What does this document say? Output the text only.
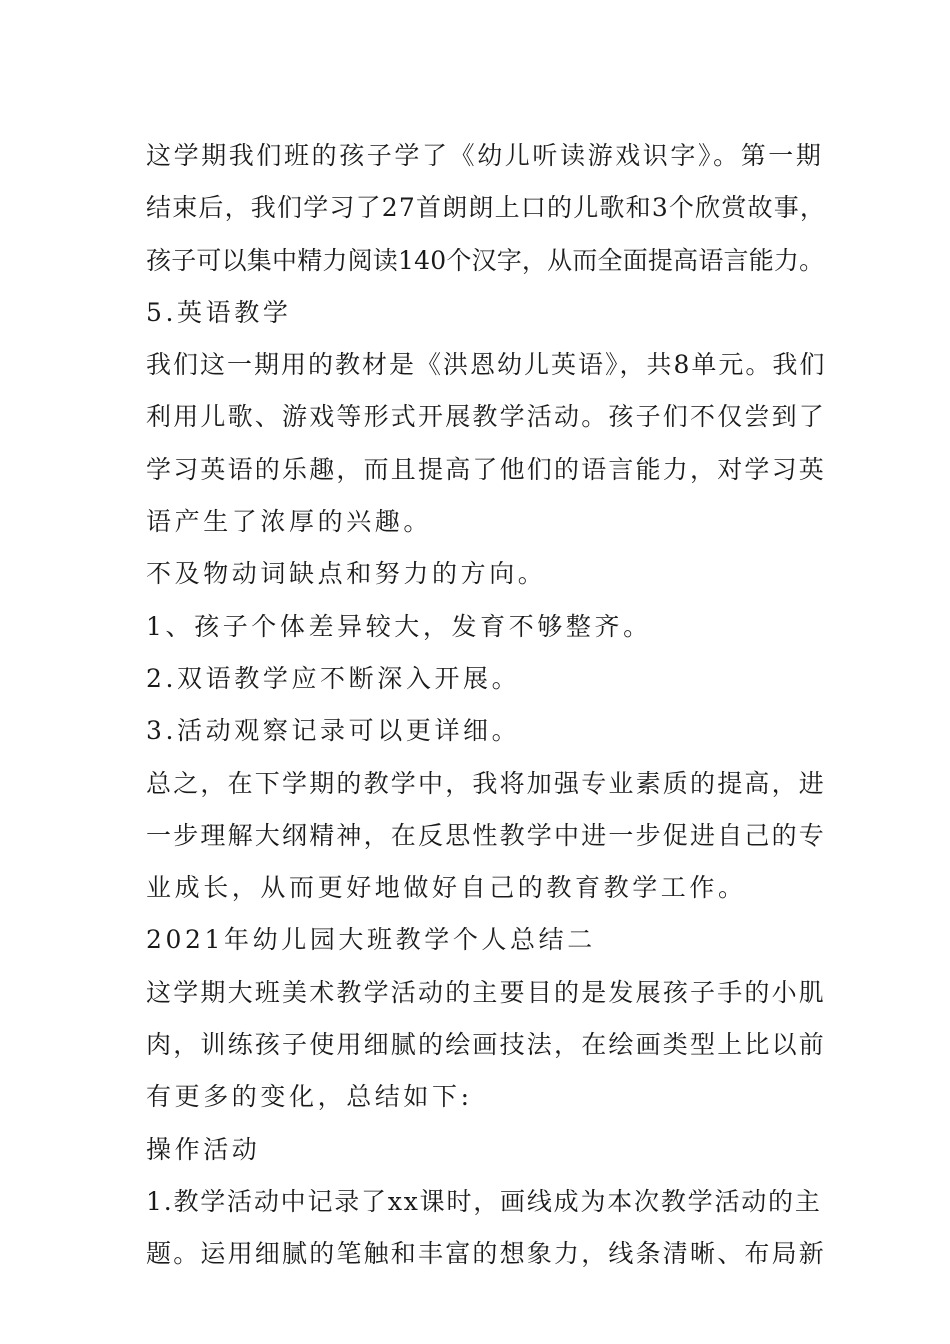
这学期我们班的孩子学了《幼儿听读游戏识字》。第一期
结束后，我们学习了27首朗朗上口的儿歌和3个欣赏故事，
孩子可以集中精力阅读140个汉字，从而全面提高语言能力。
5.英语教学
我们这一期用的教材是《洪恩幼儿英语》，共8单元。我们
利用儿歌、游戏等形式开展教学活动。孩子们不仅尝到了
学习英语的乐趣，而且提高了他们的语言能力，对学习英
语产生了浓厚的兴趣。
不及物动词缺点和努力的方向。
1、孩子个体差异较大，发育不够整齐。
2.双语教学应不断深入开展。
3.活动观察记录可以更详细。
总之，在下学期的教学中，我将加强专业素质的提高，进
一步理解大纲精神，在反思性教学中进一步促进自己的专
业成长，从而更好地做好自己的教育教学工作。
2021年幼儿园大班教学个人总结二
这学期大班美术教学活动的主要目的是发展孩子手的小肌
肉，训练孩子使用细腻的绘画技法，在绘画类型上比以前
有更多的变化，总结如下:
操作活动
1.教学活动中记录了xx课时，画线成为本次教学活动的主
题。运用细腻的笔触和丰富的想象力，线条清晰、布局新
